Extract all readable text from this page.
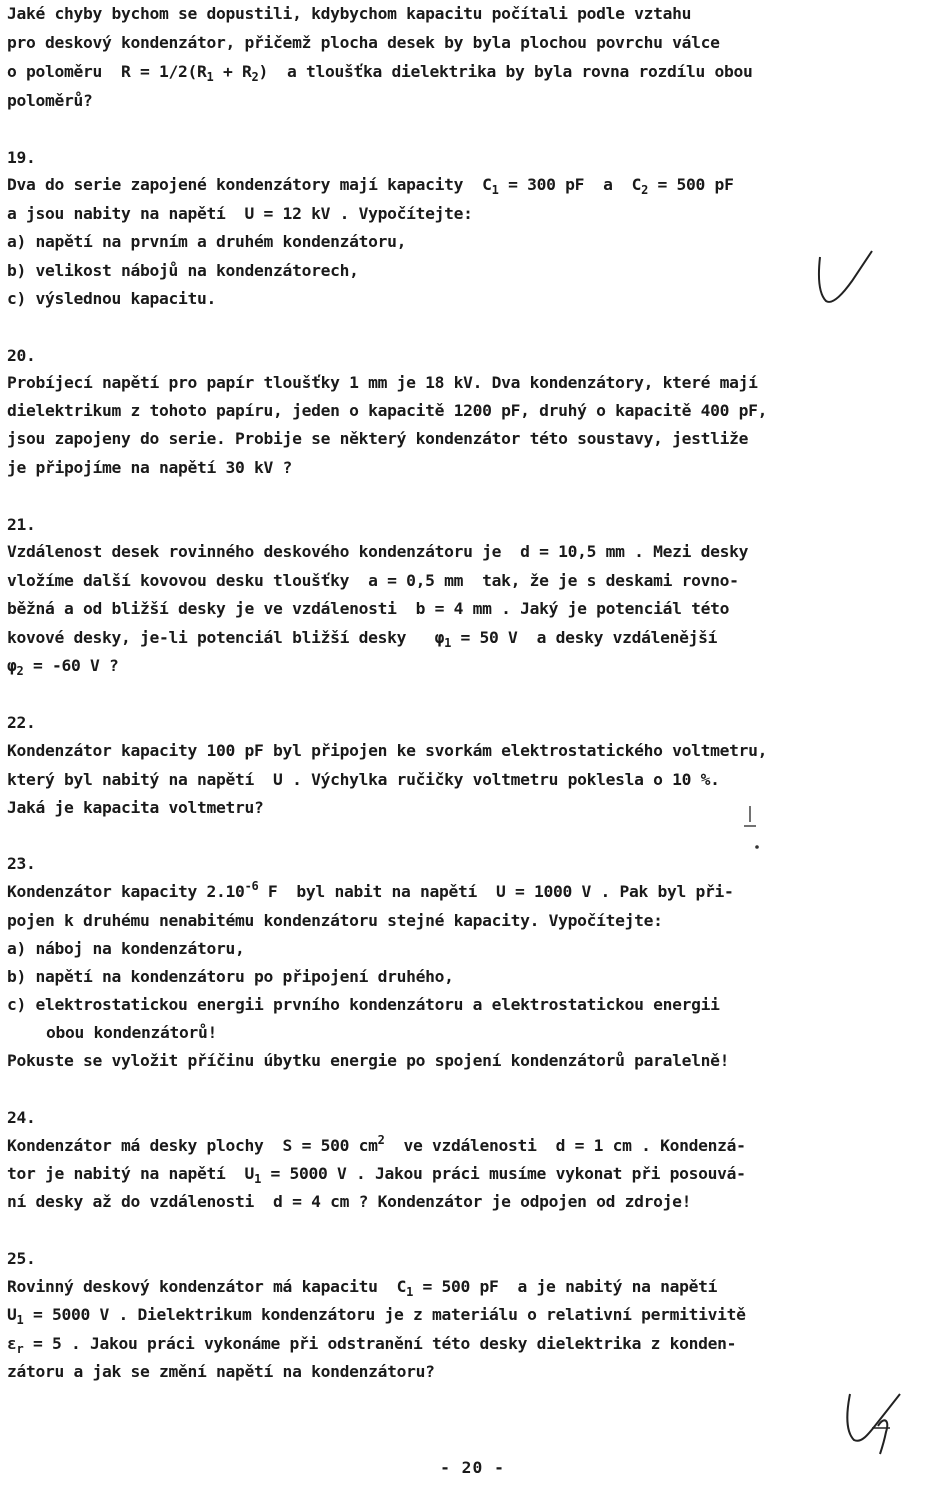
Jaké chyby bychom se dopustili, kdybychom kapacitu počítali podle vztahu
pro deskový kondenzátor, přičemž plocha desek by byla plochou povrchu válce
o poloměru  $R = 1/2(R_1 + R_2)$  a tloušťka dielektrika by byla rovna rozdílu obou
poloměrů?
19.
Dva do serie zapojené kondenzátory mají kapacity  $C_1 = 300$ pF  a  $C_2 = 500$ pF
a jsou nabity na napětí  U = 12 kV . Vypočítejte:
a) napětí na prvním a druhém kondenzátoru,
b) velikost nábojů na kondenzátorech,
c) výslednou kapacitu.
20.
Probíjecí napětí pro papír tloušťky 1 mm je 18 kV. Dva kondenzátory, které mají
dielektrikum z tohoto papíru, jeden o kapacitě 1200 pF, druhý o kapacitě 400 pF,
jsou zapojeny do serie. Probije se některý kondenzátor této soustavy, jestliže
je připojíme na napětí 30 kV ?
21.
Vzdálenost desek rovinného deskového kondenzátoru je  d = 10,5 mm . Mezi desky
vložíme další kovovou desku tloušťky  a = 0,5 mm  tak, že je s deskami rovno-
běžná a od bližší desky je ve vzdálenosti  b = 4 mm . Jaký je potenciál této
kovové desky, je-li potenciál bližší desky   $\varphi_1 = 50$ V  a desky vzdálenější
$\varphi_2 = -60$ V ?
22.
Kondenzátor kapacity 100 pF byl připojen ke svorkám elektrostatického voltmetru,
který byl nabitý na napětí  U . Výchylka ručičky voltmetru poklesla o 10 %.
Jaká je kapacita voltmetru?
23.
Kondenzátor kapacity $2.10^{-6}$ F  byl nabit na napětí  U = 1000 V . Pak byl při-
pojen k druhému nenabitému kondenzátoru stejné kapacity. Vypočítejte:
a) náboj na kondenzátoru,
b) napětí na kondenzátoru po připojení druhého,
c) elektrostatickou energii prvního kondenzátoru a elektrostatickou energii
obou kondenzátorů!
Pokuste se vyložit příčinu úbytku energie po spojení kondenzátorů paralelně!
24.
Kondenzátor má desky plochy  S = 500 $cm^2$  ve vzdálenosti  d = 1 cm . Kondenzá-
tor je nabitý na napětí  $U_1 = 5000$ V . Jakou práci musíme vykonat při posouvá-
ní desky až do vzdálenosti  d = 4 cm ? Kondenzátor je odpojen od zdroje!
25.
Rovinný deskový kondenzátor má kapacitu  $C_1 = 500$ pF  a je nabitý na napětí
$U_1 = 5000$ V . Dielektrikum kondenzátoru je z materiálu o relativní permitivitě
$\varepsilon_r = 5$ . Jakou práci vykonáme při odstranění této desky dielektrika z konden-
zátoru a jak se změní napětí na kondenzátoru?
- 20 -
